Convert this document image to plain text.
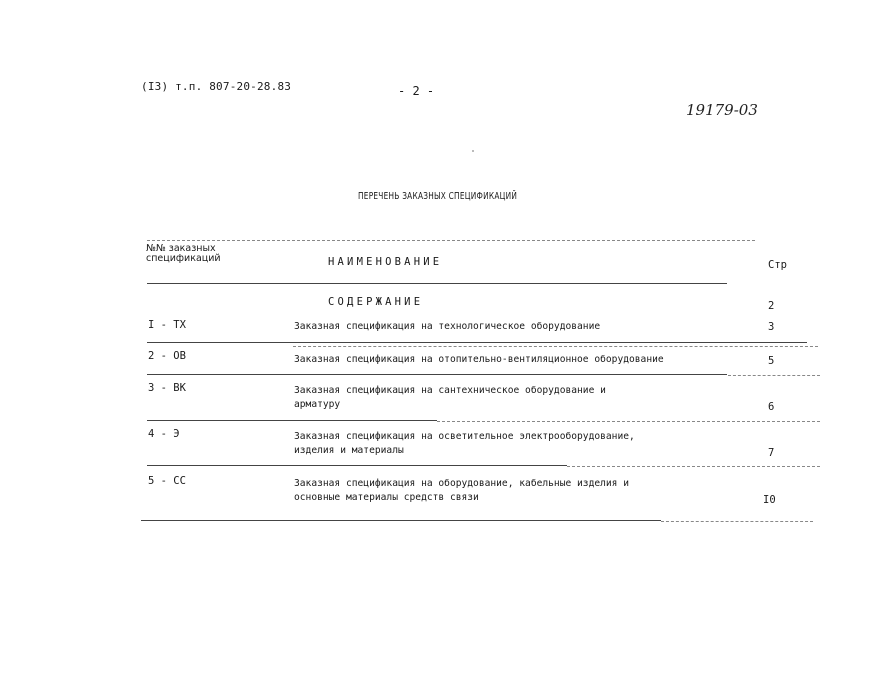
(IЗ) т.п. 807-20-28.83	- 2 -
19179-03
ПЕРЕЧЕНЬ ЗАКАЗНЫХ СПЕЦИФИКАЦИЙ
№№ заказных
спецификаций	НАИМЕНОВАНИЕ	Стр
СОДЕРЖАНИЕ	2
I - ТХ	Заказная спецификация на технологическое оборудование	3
2 - ОВ	Заказная спецификация на отопительно-вентиляционное оборудование	5
3 - ВК	Заказная спецификация на сантехническое оборудование и
арматуру	6
4 - Э	Заказная спецификация на осветительное электрооборудование,
изделия и материалы	7
5 - СС	Заказная спецификация на оборудование, кабельные изделия и
основные материалы средств связи	I0
